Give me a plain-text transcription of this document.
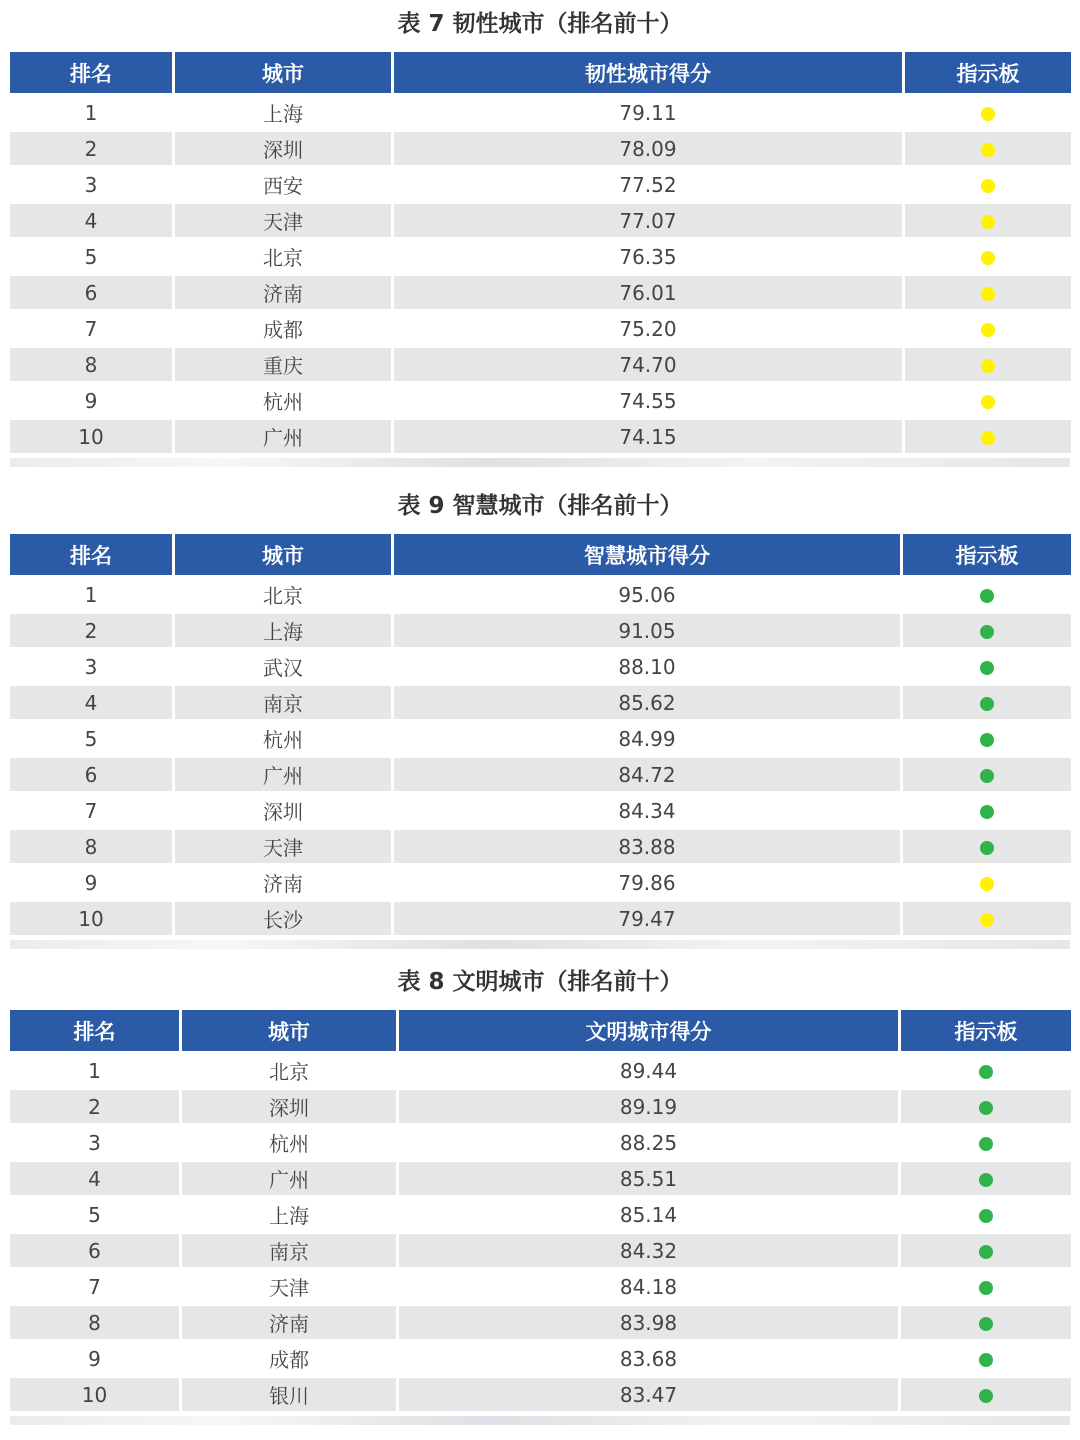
表 7 韧性城市（排名前十）
排名	城市	韧性城市得分	指示板
1	上海	79.11	
2	深圳	78.09	
3	西安	77.52	
4	天津	77.07	
5	北京	76.35	
6	济南	76.01	
7	成都	75.20	
8	重庆	74.70	
9	杭州	74.55	
10	广州	74.15	
表 9 智慧城市（排名前十）
排名	城市	智慧城市得分	指示板
1	北京	95.06	
2	上海	91.05	
3	武汉	88.10	
4	南京	85.62	
5	杭州	84.99	
6	广州	84.72	
7	深圳	84.34	
8	天津	83.88	
9	济南	79.86	
10	长沙	79.47	
表 8 文明城市（排名前十）
排名	城市	文明城市得分	指示板
1	北京	89.44	
2	深圳	89.19	
3	杭州	88.25	
4	广州	85.51	
5	上海	85.14	
6	南京	84.32	
7	天津	84.18	
8	济南	83.98	
9	成都	83.68	
10	银川	83.47	
